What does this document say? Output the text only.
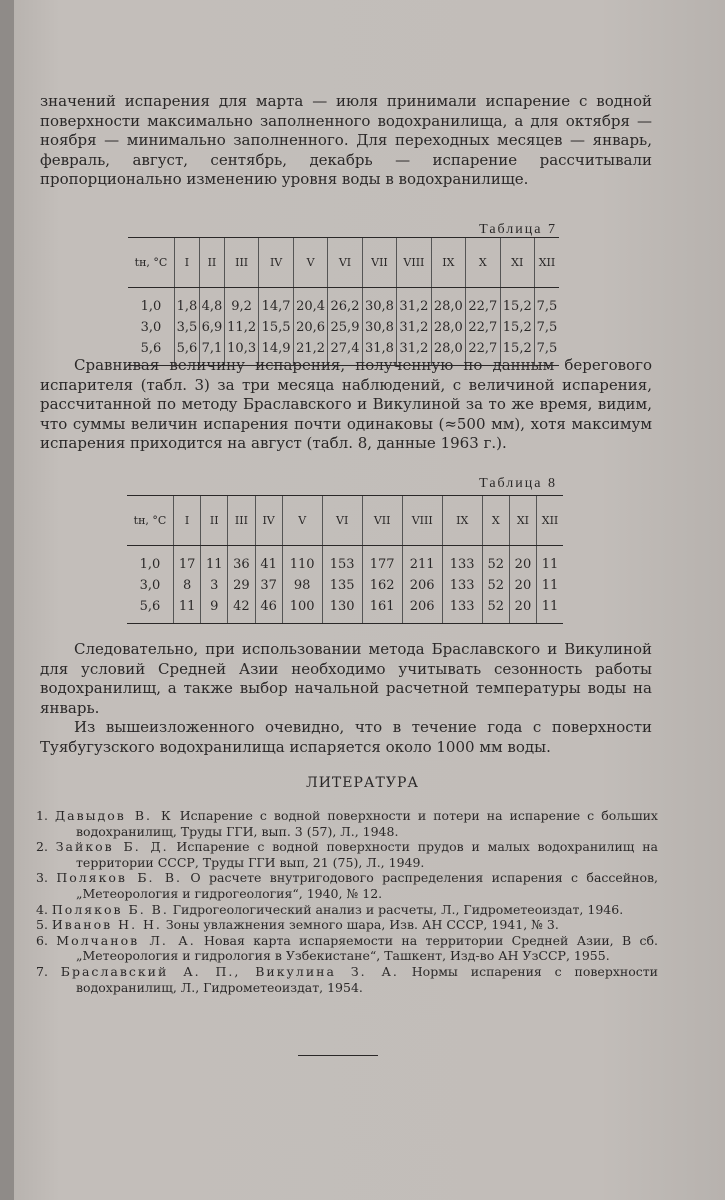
значений испарения для марта — июля принимали испарение с водной поверхности максимально заполненного водохранилища, а для октября — ноября — минимально заполненного. Для переходных месяцев — январь, февраль, август, сентябрь, декабрь — испарение рассчитывали пропорционально изменению уровня воды в водохранилище.
Таблица 7
tн, °C	I	II	III	IV	V	VI	VII	VIII	IX	X	XI	XII
1,0	1,8	4,8	9,2	14,7	20,4	26,2	30,8	31,2	28,0	22,7	15,2	7,5
3,0	3,5	6,9	11,2	15,5	20,6	25,9	30,8	31,2	28,0	22,7	15,2	7,5
5,6	5,6	7,1	10,3	14,9	21,2	27,4	31,8	31,2	28,0	22,7	15,2	7,5
Сравнивая величину испарения, полученную по данным берегового испарителя (табл. 3) за три месяца наблюдений, с величиной испарения, рассчитанной по методу Браславского и Викулиной за то же время, видим, что суммы величин испарения почти одинаковы (≈500 мм), хотя максимум испарения приходится на август (табл. 8, данные 1963 г.).
Таблица 8
tн, °C	I	II	III	IV	V	VI	VII	VIII	IX	X	XI	XII
1,0	17	11	36	41	110	153	177	211	133	52	20	11
3,0	8	3	29	37	98	135	162	206	133	52	20	11
5,6	11	9	42	46	100	130	161	206	133	52	20	11
Следовательно, при использовании метода Браславского и Викулиной для условий Средней Азии необходимо учитывать сезонность работы водохранилищ, а также выбор начальной расчетной температуры воды на январь.
Из вышеизложенного очевидно, что в течение года с поверхности Туябугузского водохранилища испаряется около 1000 мм воды.
ЛИТЕРАТУРА
1. Давыдов В. К Испарение с водной поверхности и потери на испарение с больших водохранилищ, Труды ГГИ, вып. 3 (57), Л., 1948.
2. Зайков Б. Д. Испарение с водной поверхности прудов и малых водохранилищ на территории СССР, Труды ГГИ вып, 21 (75), Л., 1949.
3. Поляков Б. В. О расчете внутригодового распределения испарения с бассейнов, „Метеорология и гидрогеология“, 1940, № 12.
4. Поляков Б. В. Гидрогеологический анализ и расчеты, Л., Гидрометеоиздат, 1946.
5. Иванов Н. Н. Зоны увлажнения земного шара, Изв. АН СССР, 1941, № 3.
6. Молчанов Л. А. Новая карта испаряемости на территории Средней Азии, В сб. „Метеорология и гидрология в Узбекистане“, Ташкент, Изд-во АН УзССР, 1955.
7. Браславский А. П., Викулина З. А. Нормы испарения с поверхности водохранилищ, Л., Гидрометеоиздат, 1954.
